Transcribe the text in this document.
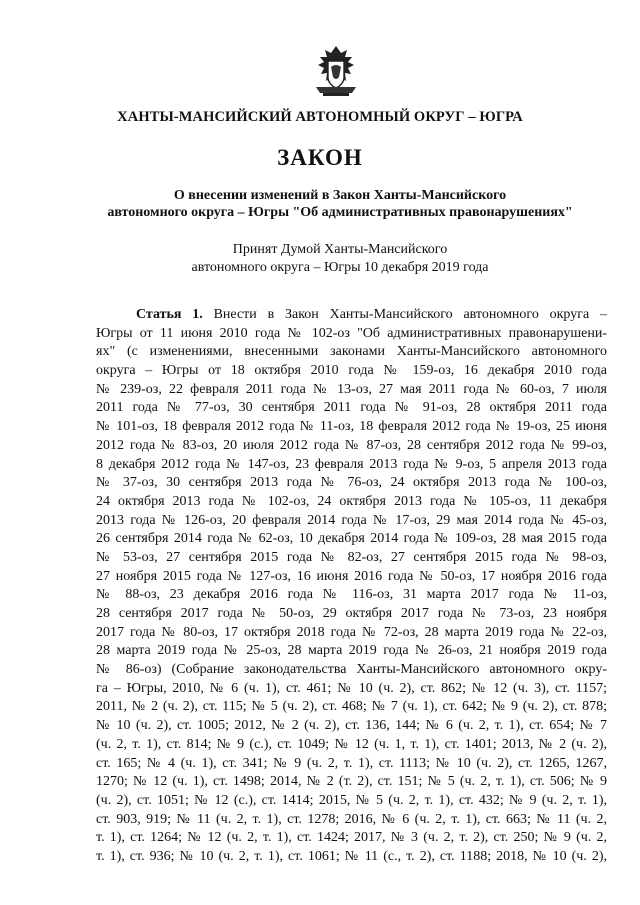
ХАНТЫ-МАНСИЙСКИЙ АВТОНОМНЫЙ ОКРУГ – ЮГРА
ЗАКОН
О внесении изменений в Закон Ханты-Мансийского
автономного округа – Югры "Об административных правонарушениях"
Принят Думой Ханты-Мансийского
автономного округа – Югры 10 декабря 2019 года
Статья 1. Внести в Закон Ханты-Мансийского автономного округа –
Югры от 11 июня 2010 года № 102-оз "Об административных правонарушени-
ях" (с изменениями, внесенными законами Ханты-Мансийского автономного
округа – Югры от 18 октября 2010 года № 159-оз, 16 декабря 2010 года
№ 239-оз, 22 февраля 2011 года № 13-оз, 27 мая 2011 года № 60-оз, 7 июля
2011 года № 77-оз, 30 сентября 2011 года № 91-оз, 28 октября 2011 года
№ 101-оз, 18 февраля 2012 года № 11-оз, 18 февраля 2012 года № 19-оз, 25 июня
2012 года № 83-оз, 20 июля 2012 года № 87-оз, 28 сентября 2012 года № 99-оз,
8 декабря 2012 года № 147-оз, 23 февраля 2013 года № 9-оз, 5 апреля 2013 года
№ 37-оз, 30 сентября 2013 года № 76-оз, 24 октября 2013 года № 100-оз,
24 октября 2013 года № 102-оз, 24 октября 2013 года № 105-оз, 11 декабря
2013 года № 126-оз, 20 февраля 2014 года № 17-оз, 29 мая 2014 года № 45-оз,
26 сентября 2014 года № 62-оз, 10 декабря 2014 года № 109-оз, 28 мая 2015 года
№ 53-оз, 27 сентября 2015 года № 82-оз, 27 сентября 2015 года № 98-оз,
27 ноября 2015 года № 127-оз, 16 июня 2016 года № 50-оз, 17 ноября 2016 года
№ 88-оз, 23 декабря 2016 года № 116-оз, 31 марта 2017 года № 11-оз,
28 сентября 2017 года № 50-оз, 29 октября 2017 года № 73-оз, 23 ноября
2017 года № 80-оз, 17 октября 2018 года № 72-оз, 28 марта 2019 года № 22-оз,
28 марта 2019 года № 25-оз, 28 марта 2019 года № 26-оз, 21 ноября 2019 года
№ 86-оз) (Собрание законодательства Ханты-Мансийского автономного окру-
га – Югры, 2010, № 6 (ч. 1), ст. 461; № 10 (ч. 2), ст. 862; № 12 (ч. 3), ст. 1157;
2011, № 2 (ч. 2), ст. 115; № 5 (ч. 2), ст. 468; № 7 (ч. 1), ст. 642; № 9 (ч. 2), ст. 878;
№ 10 (ч. 2), ст. 1005; 2012, № 2 (ч. 2), ст. 136, 144; № 6 (ч. 2, т. 1), ст. 654; № 7
(ч. 2, т. 1), ст. 814; № 9 (с.), ст. 1049; № 12 (ч. 1, т. 1), ст. 1401; 2013, № 2 (ч. 2),
ст. 165; № 4 (ч. 1), ст. 341; № 9 (ч. 2, т. 1), ст. 1113; № 10 (ч. 2), ст. 1265, 1267,
1270; № 12 (ч. 1), ст. 1498; 2014, № 2 (т. 2), ст. 151; № 5 (ч. 2, т. 1), ст. 506; № 9
(ч. 2), ст. 1051; № 12 (с.), ст. 1414; 2015, № 5 (ч. 2, т. 1), ст. 432; № 9 (ч. 2, т. 1),
ст. 903, 919; № 11 (ч. 2, т. 1), ст. 1278; 2016, № 6 (ч. 2, т. 1), ст. 663; № 11 (ч. 2,
т. 1), ст. 1264; № 12 (ч. 2, т. 1), ст. 1424; 2017, № 3 (ч. 2, т. 2), ст. 250; № 9 (ч. 2,
т. 1), ст. 936; № 10 (ч. 2, т. 1), ст. 1061; № 11 (с., т. 2), ст. 1188; 2018, № 10 (ч. 2),
